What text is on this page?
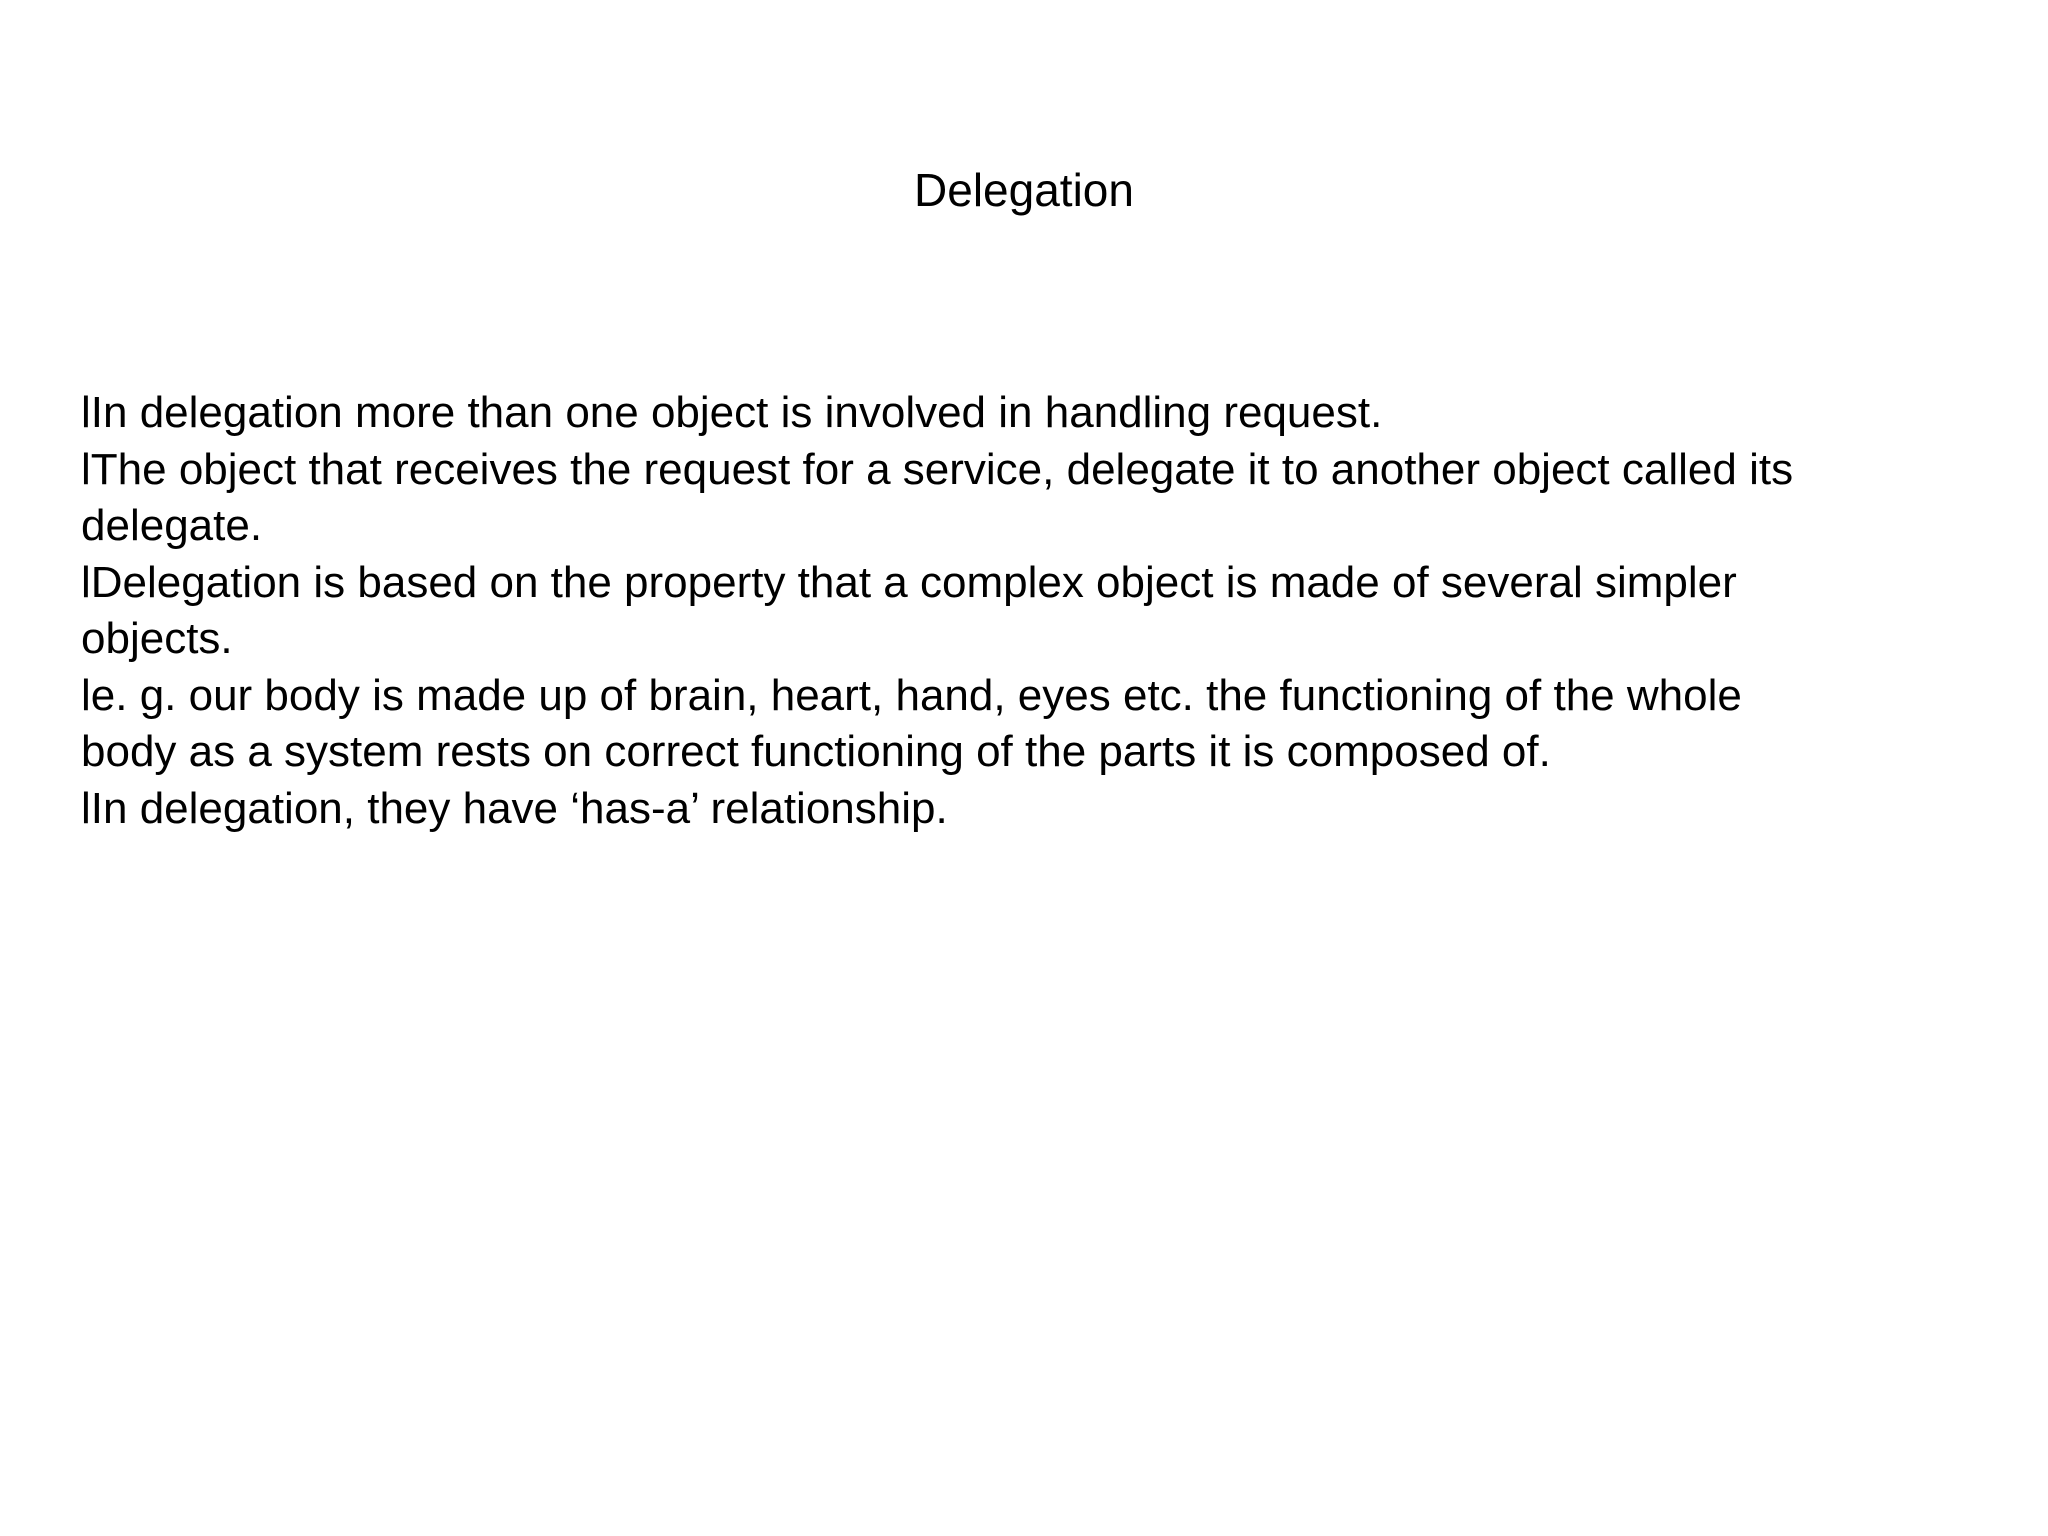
Delegation
lIn delegation more than one object is involved in handling request.
lThe object that receives the request for a service, delegate it to another object called its
delegate.
lDelegation is based on the property that a complex object is made of several simpler
objects.
le. g. our body is made up of brain, heart, hand, eyes etc. the functioning of the whole
body as a system rests on correct functioning of the parts it is composed of.
lIn delegation, they have ‘has-a’ relationship.
